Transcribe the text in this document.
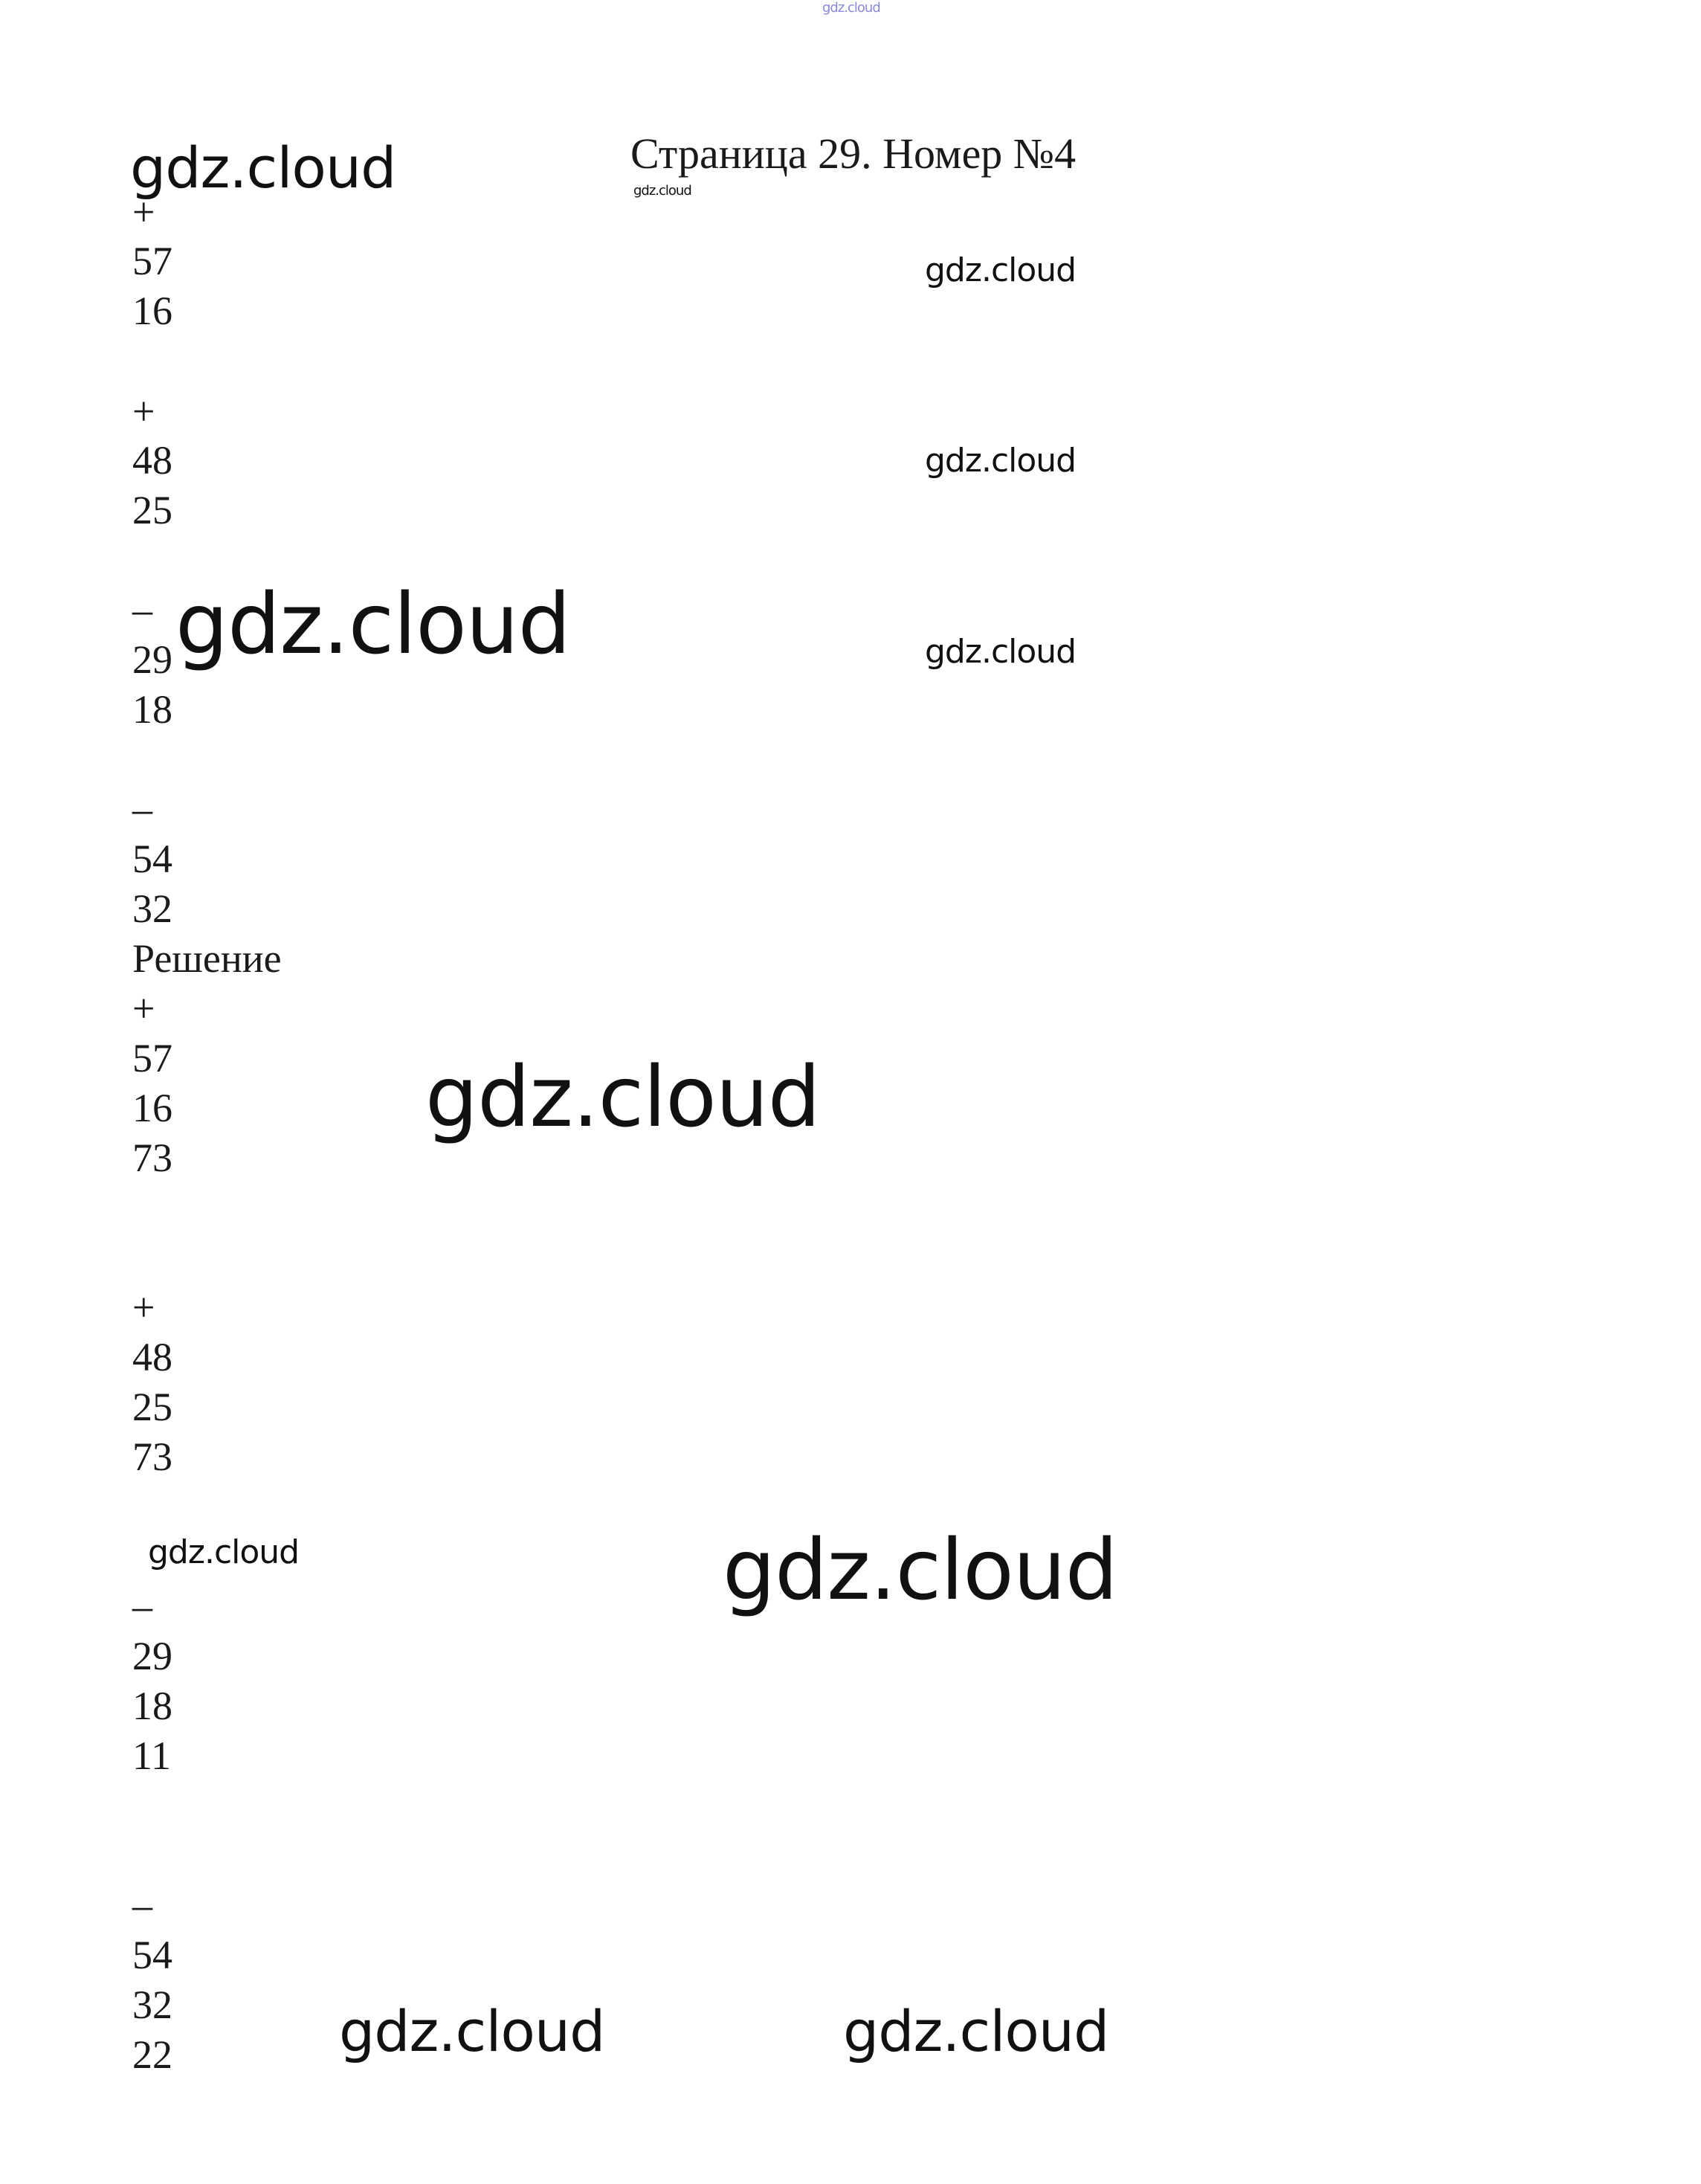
gdz.cloud
Страница 29. Номер №4
+
57
16
+
48
25
–
29
18
–
54
32
Решение
+
57
16
73
+
48
25
73
–
29
18
11
–
54
32
22
gdz.cloud	gdz.cloud
gdz.cloud
gdz.cloud
gdz.cloud
gdz.cloud
gdz.cloud
gdz.cloud	gdz.cloud
gdz.cloud	gdz.cloud
